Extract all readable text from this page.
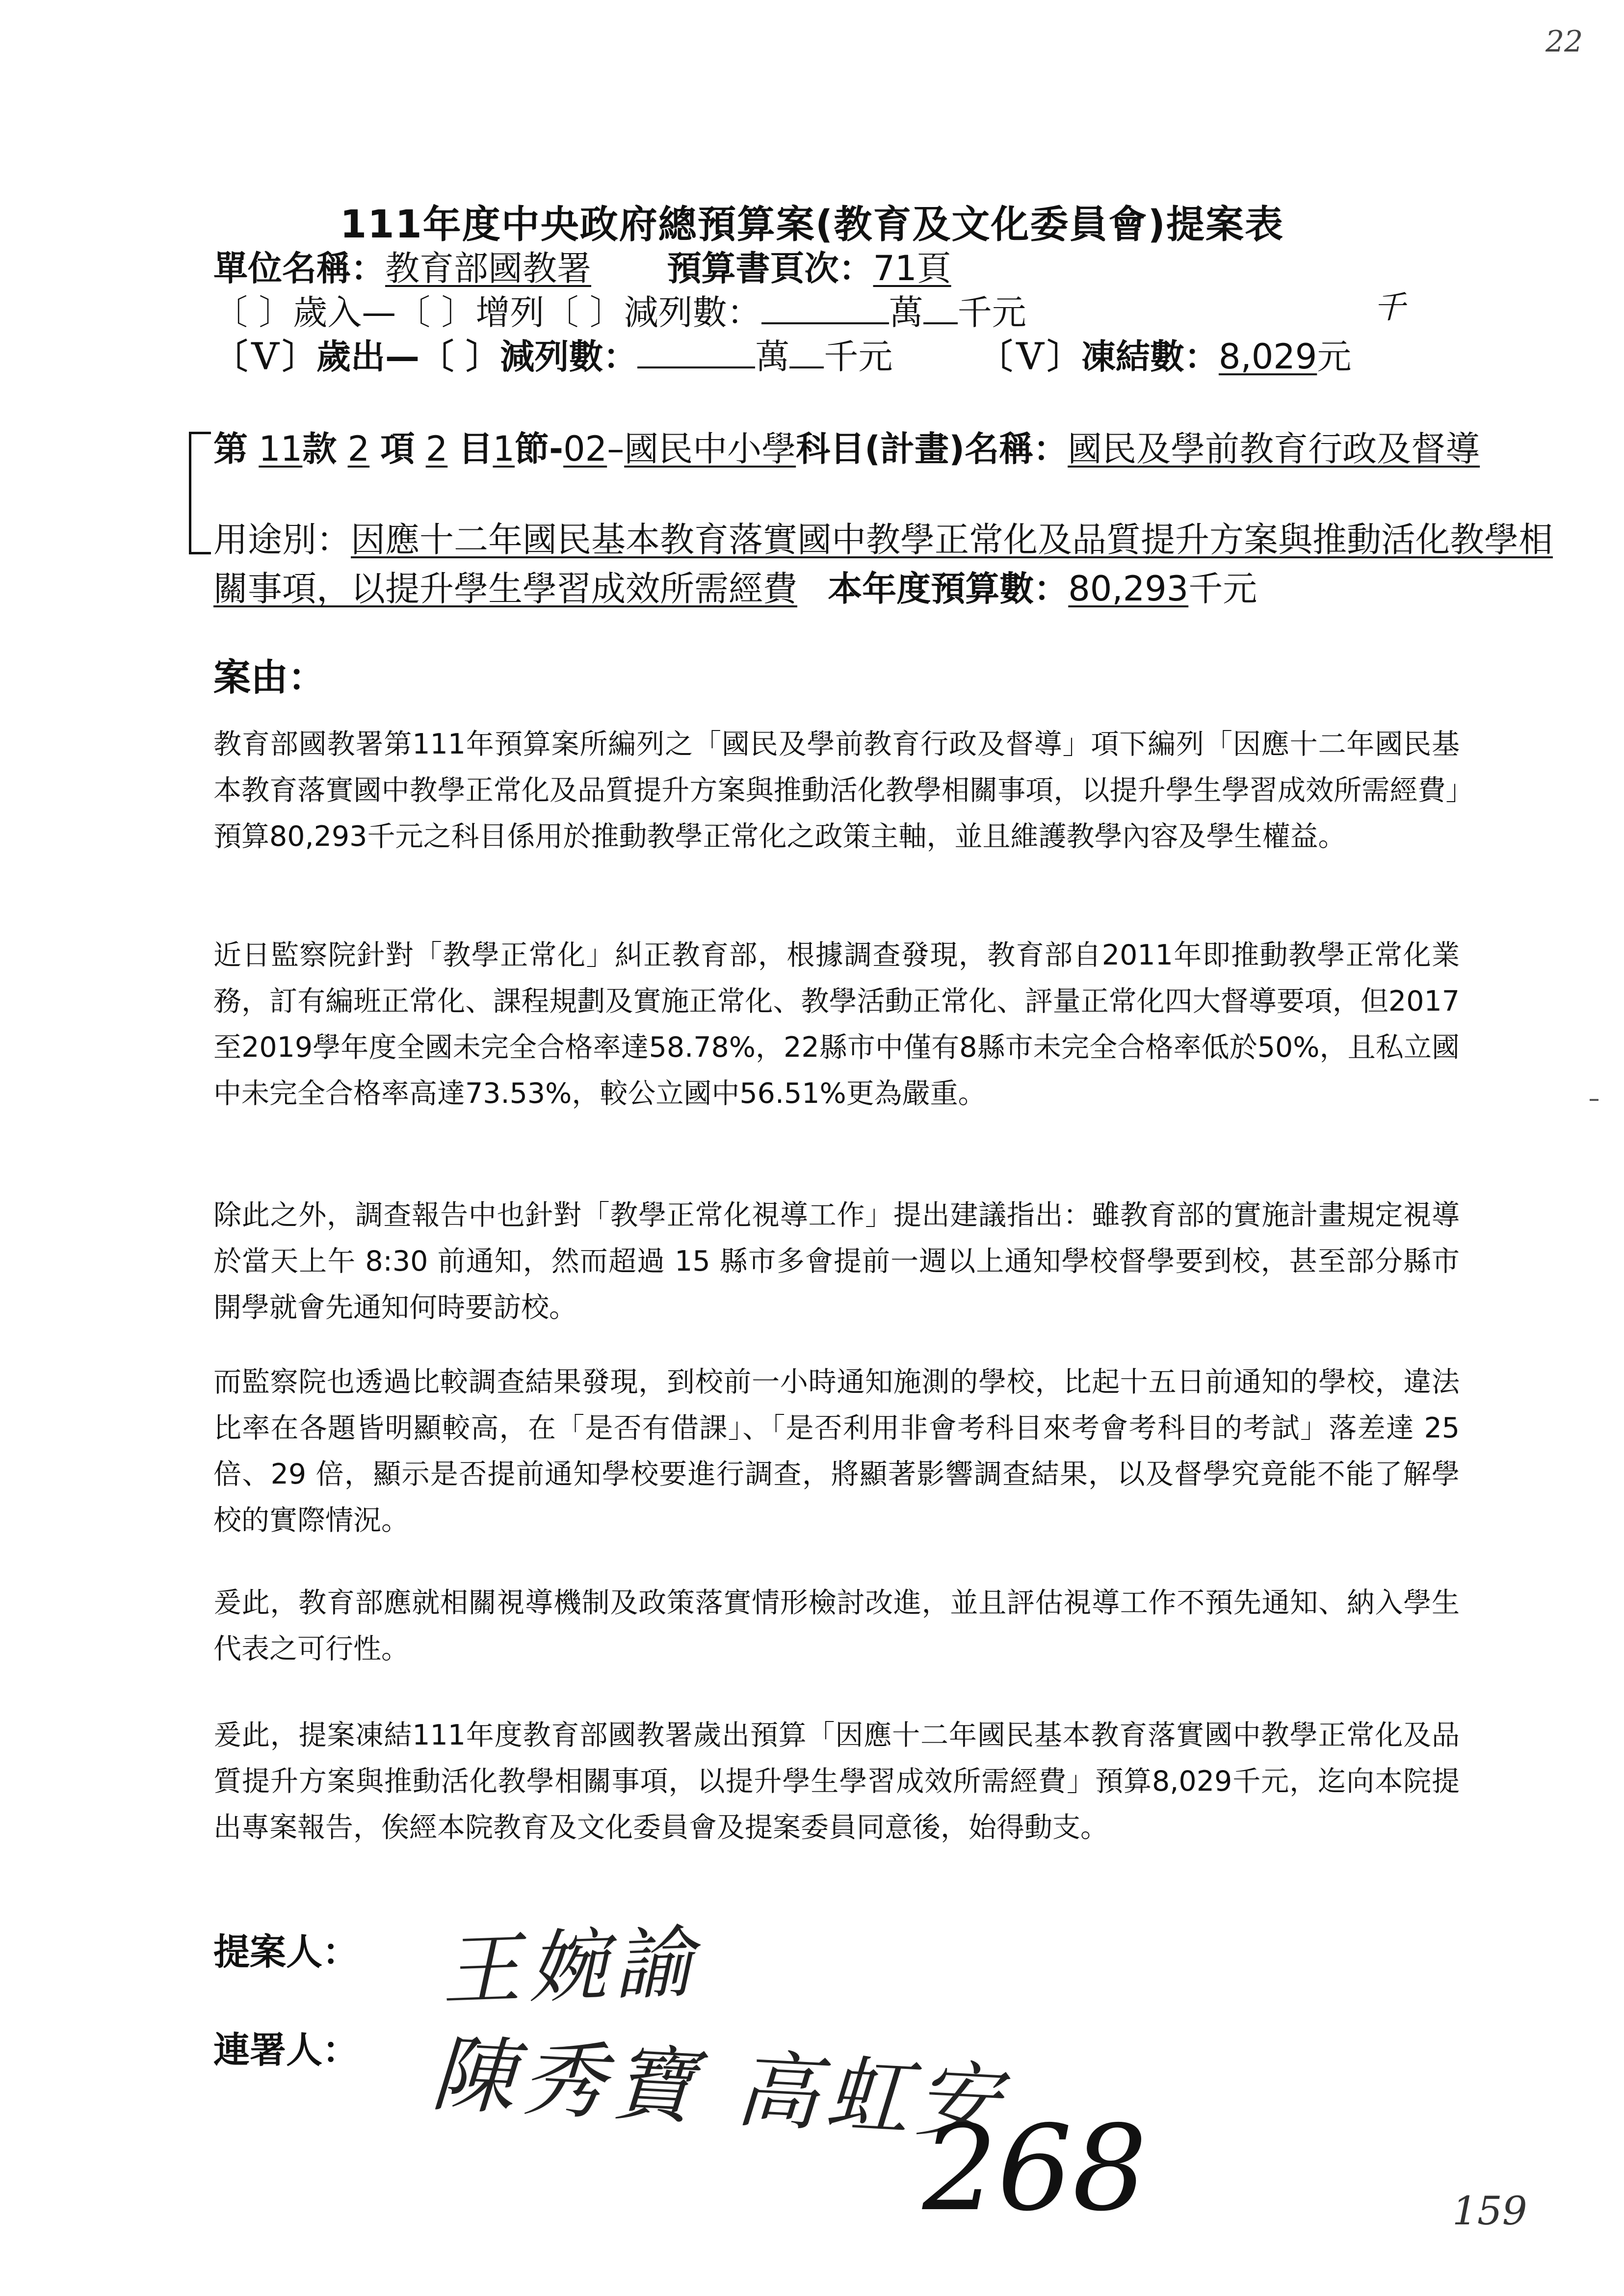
22
111年度中央政府總預算案(教育及文化委員會)提案表
單位名稱：教育部國教署 預算書頁次：71頁
〔 〕歲入—〔 〕增列〔 〕減列數：	萬 千元	千
〔Ｖ〕歲出—〔 〕減列數：	萬 千元 〔Ｖ〕凍結數：8,029元
第 11款 2 項 2 目1節-02–國民中小學科目(計畫)名稱：國民及學前教育行政及督導
用途別：因應十二年國民基本教育落實國中教學正常化及品質提升方案與推動活化教學相關事項，以提升學生學習成效所需經費 本年度預算數：80,293千元
案由：

教育部國教署第111年預算案所編列之「國民及學前教育行政及督導」項下編列「因應十二年國民基本教育落實國中教學正常化及品質提升方案與推動活化教學相關事項，以提升學生學習成效所需經費」預算80,293千元之科目係用於推動教學正常化之政策主軸，並且維護教學內容及學生權益。

近日監察院針對「教學正常化」糾正教育部，根據調查發現，教育部自2011年即推動教學正常化業務，訂有編班正常化、課程規劃及實施正常化、教學活動正常化、評量正常化四大督導要項，但2017至2019學年度全國未完全合格率達58.78%，22縣市中僅有8縣市未完全合格率低於50%，且私立國中未完全合格率高達73.53%，較公立國中56.51%更為嚴重。

除此之外，調查報告中也針對「教學正常化視導工作」提出建議指出：雖教育部的實施計畫規定視導於當天上午 8:30 前通知，然而超過 15 縣市多會提前一週以上通知學校督學要到校，甚至部分縣市開學就會先通知何時要訪校。

而監察院也透過比較調查結果發現，到校前一小時通知施測的學校，比起十五日前通知的學校，違法比率在各題皆明顯較高，在「是否有借課」、「是否利用非會考科目來考會考科目的考試」落差達 25 倍、29 倍，顯示是否提前通知學校要進行調查，將顯著影響調查結果，以及督學究竟能不能了解學校的實際情況。

爰此，教育部應就相關視導機制及政策落實情形檢討改進，並且評估視導工作不預先通知、納入學生代表之可行性。

爰此，提案凍結111年度教育部國教署歲出預算「因應十二年國民基本教育落實國中教學正常化及品質提升方案與推動活化教學相關事項，以提升學生學習成效所需經費」預算8,029千元，迄向本院提出專案報告，俟經本院教育及文化委員會及提案委員同意後，始得動支。

提案人： 王婉諭
連署人： 陳秀寶 高虹安
268	159
